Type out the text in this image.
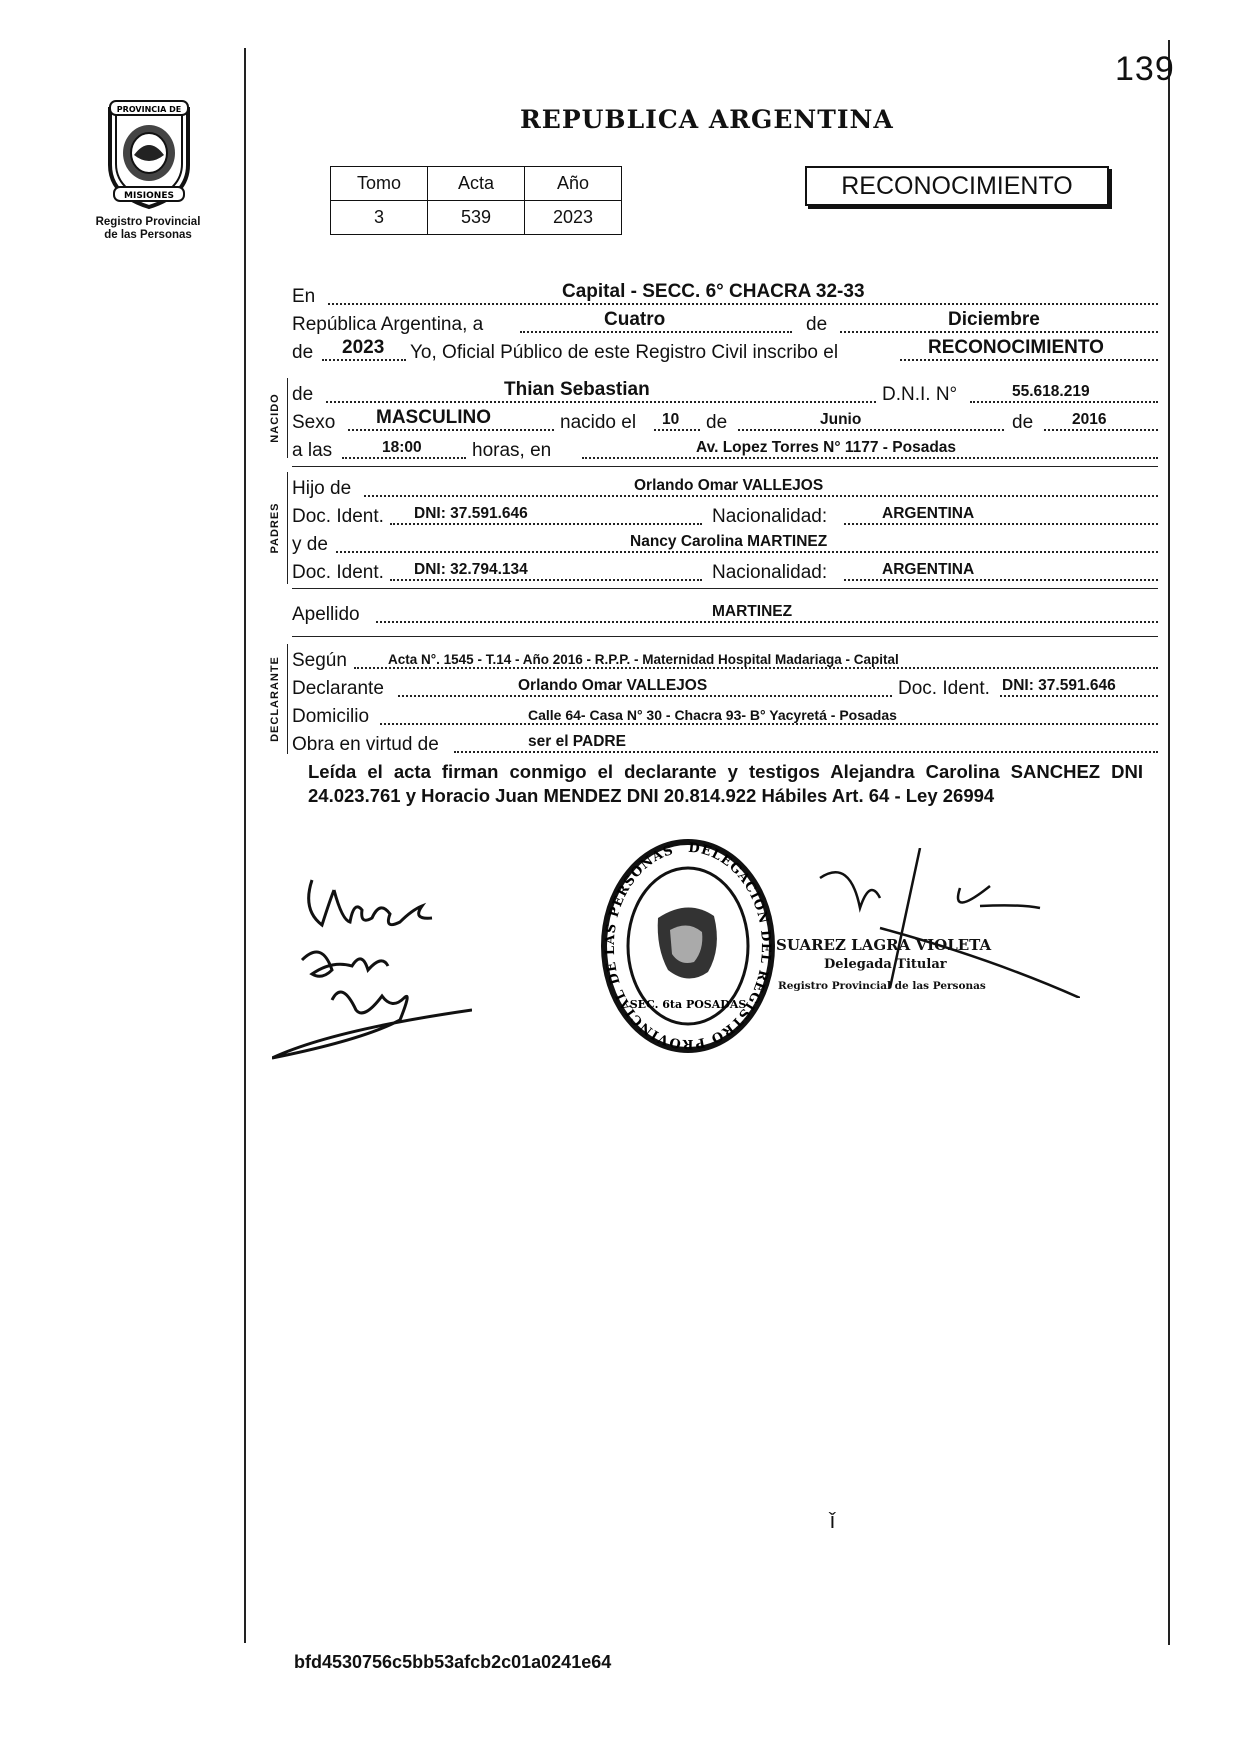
139
PROVINCIA DE
MISIONES
Registro Provincial
de las Personas
REPUBLICA ARGENTINA
Tomo	Acta	Año
3	539	2023
RECONOCIMIENTO
En	Capital - SECC. 6° CHACRA 32-33
República Argentina, a	Cuatro	de	Diciembre
de 2023 Yo, Oficial Público de este Registro Civil inscribo el	RECONOCIMIENTO
NACIDO de	Thian Sebastian	D.N.I. N°	55.618.219
Sexo MASCULINO	nacido el 10 de	Junio	de	2016
a las	18:00	horas, en	Av. Lopez Torres N° 1177 - Posadas
PADRES
Hijo de	Orlando Omar VALLEJOS
Doc. Ident. DNI: 37.591.646	Nacionalidad:	ARGENTINA
y de	Nancy Carolina MARTINEZ
Doc. Ident. DNI: 32.794.134	Nacionalidad:	ARGENTINA
Apellido	MARTINEZ
DECLARANTE Según	Acta N°. 1545 - T.14 - Año 2016 - R.P.P. - Maternidad Hospital Madariaga - Capital
Declarante	Orlando Omar VALLEJOS	Doc. Ident. DNI: 37.591.646
Domicilio	Calle 64- Casa N° 30 - Chacra 93- B° Yacyretá - Posadas
Obra en virtud de	ser el PADRE
Leída el acta firman conmigo el declarante y testigos Alejandra Carolina SANCHEZ DNI 24.023.761 y Horacio Juan MENDEZ DNI 20.814.922 Hábiles Art. 64 - Ley 26994
DELEGACION DEL REGISTRO PROVINCIAL DE LAS PERSONAS
SEC. 6ta POSADAS
SUAREZ LAGRA VIOLETA
Delegada Titular
Registro Provincial de las Personas
ǐ
bfd4530756c5bb53afcb2c01a0241e64
